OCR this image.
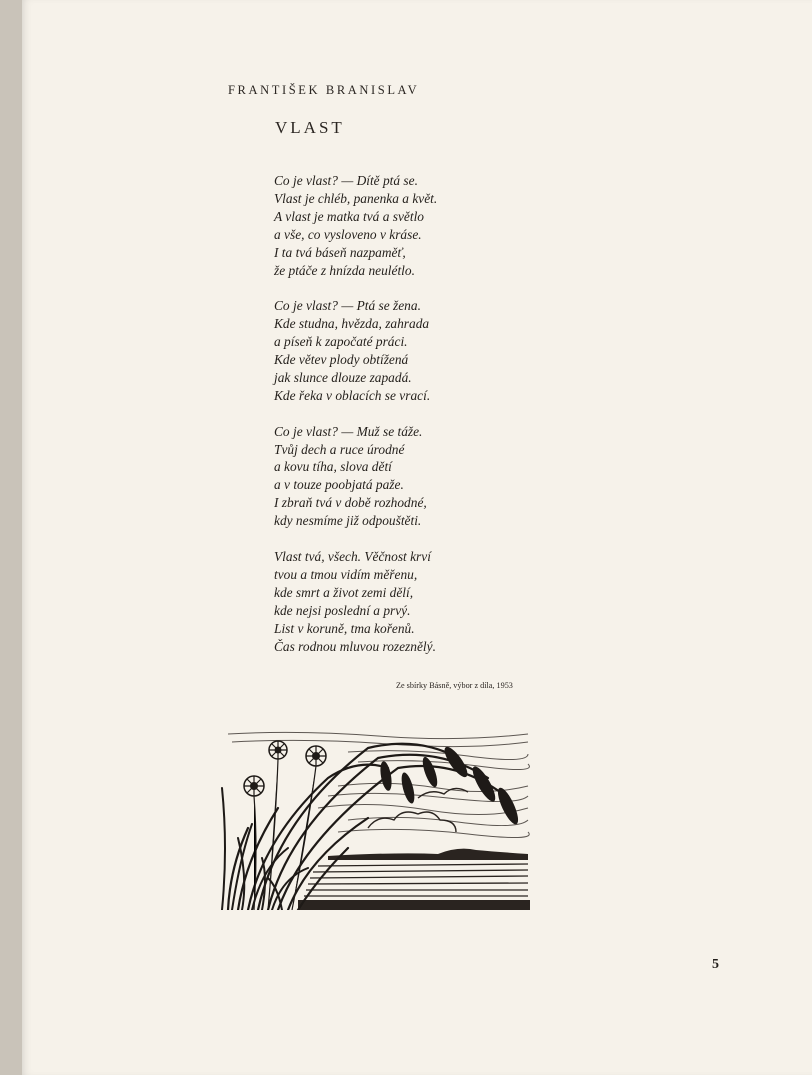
FRANTIŠEK BRANISLAV
VLAST
Co je vlast? — Dítě ptá se.
Vlast je chléb, panenka a květ.
A vlast je matka tvá a světlo
a vše, co vysloveno v kráse.
I ta tvá báseň nazpaměť,
že ptáče z hnízda neulétlo.
Co je vlast? — Ptá se žena.
Kde studna, hvězda, zahrada
a píseň k započaté práci.
Kde větev plody obtížená
jak slunce dlouze zapadá.
Kde řeka v oblacích se vrací.
Co je vlast? — Muž se táže.
Tvůj dech a ruce úrodné
a kovu tíha, slova dětí
a v touze poobjatá paže.
I zbraň tvá v době rozhodné,
kdy nesmíme již odpouštěti.
Vlast tvá, všech. Věčnost krví
tvou a tmou vidím měřenu,
kde smrt a život zemi dělí,
kde nejsi poslední a prvý.
List v koruně, tma kořenů.
Čas rodnou mluvou rozeznělý.
Ze sbírky Básně, výbor z díla, 1953
5
